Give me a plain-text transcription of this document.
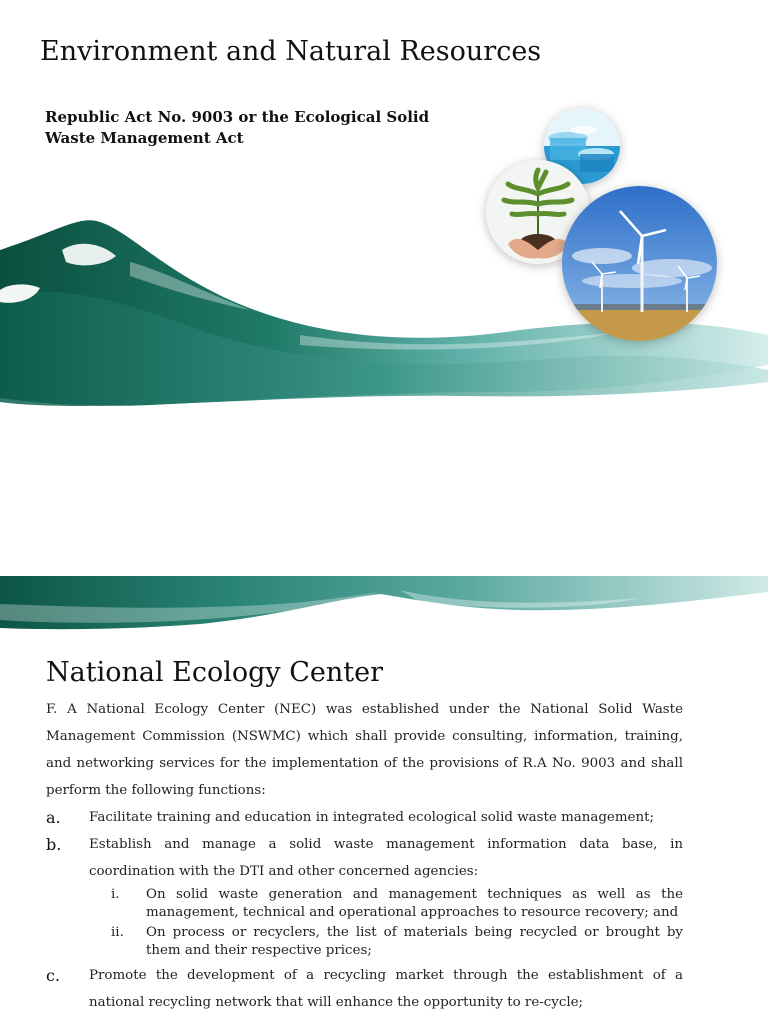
Environment and Natural Resources
Republic Act No. 9003 or the Ecological Solid Waste Management Act
National Ecology Center

F. A National Ecology Center (NEC) was established under the National Solid Waste Management Commission (NSWMC) which shall provide consulting, information, training, and networking services for the implementation of the provisions of R.A No. 9003 and shall perform the following functions:

a.	Facilitate training and education in integrated ecological solid waste management;
b.	Establish and manage a solid waste management information data base, in coordination with the DTI and other concerned agencies:
i.	On solid waste generation and management techniques as well as the management, technical and operational approaches to resource recovery; and
ii.	On process or recyclers, the list of materials being recycled or brought by them and their respective prices;
c.	Promote the development of a recycling market through the establishment of a national recycling network that will enhance the opportunity to re-cycle;
